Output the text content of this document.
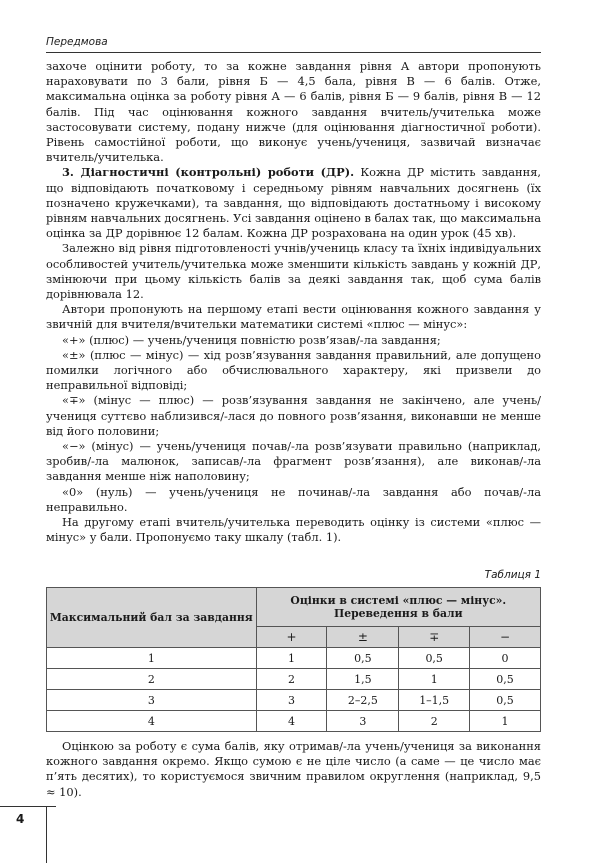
Передмова

захоче оцінити роботу, то за кожне завдання рівня А автори пропонують нараховувати по 3 бали, рівня Б — 4,5 бала, рівня В — 6 балів. Отже, максимальна оцінка за роботу рівня А — 6 балів, рівня Б — 9 балів, рівня В — 12 балів. Під час оцінювання кожного завдання вчитель/учителька може застосовувати систему, подану нижче (для оцінювання діагностичної роботи). Рівень самостійної роботи, що виконує учень/учениця, зазвичай визначає вчитель/учителька.

3. Діагностичні (контрольні) роботи (ДР). Кожна ДР містить завдання, що відповідають початковому і середньому рівням навчальних досягнень (їх позначено кружечками), та завдання, що відповідають достатньому і високому рівням навчальних досягнень. Усі завдання оцінено в балах так, що максимальна оцінка за ДР дорівнює 12 балам. Кожна ДР розрахована на один урок (45 хв).

Залежно від рівня підготовленості учнів/учениць класу та їхніх індивідуальних особливостей учитель/учителька може зменшити кількість завдань у кожній ДР, змінюючи при цьому кількість балів за деякі завдання так, щоб сума балів дорівнювала 12.

Автори пропонують на першому етапі вести оцінювання кожного завдання у звичній для вчителя/вчительки математики системі «плюс — мінус»:

«+» (плюс) — учень/учениця повністю розв’язав/-ла завдання;

«±» (плюс — мінус) — хід розв’язування завдання правильний, але допущено помилки логічного або обчислювального характеру, які призвели до неправильної відповіді;

«∓» (мінус — плюс) — розв’язування завдання не закінчено, але учень/учениця суттєво наблизився/-лася до повного розв’язання, виконавши не менше від його половини;

«−» (мінус) — учень/учениця почав/-ла розв’язувати правильно (наприклад, зробив/-ла малюнок, записав/-ла фрагмент розв’язання), але виконав/-ла завдання менше ніж наполовину;

«0» (нуль) — учень/учениця не починав/-ла завдання або почав/-ла неправильно.

На другому етапі вчитель/учителька переводить оцінку із системи «плюс — мінус» у бали. Пропонуємо таку шкалу (табл. 1).

Таблиця 1
Максимальний бал за завдання	Оцінки в системі «плюс — мінус». Переведення в бали			
	+	±	∓	−
1	1	0,5	0,5	0
2	2	1,5	1	0,5
3	3	2–2,5	1–1,5	0,5
4	4	3	2	1

Оцінкою за роботу є сума балів, яку отримав/-ла учень/учениця за виконання кожного завдання окремо. Якщо сумою є не ціле число (а саме — це число має п’ять десятих), то користуємося звичним правилом округлення (наприклад, 9,5 ≈ 10).

4
